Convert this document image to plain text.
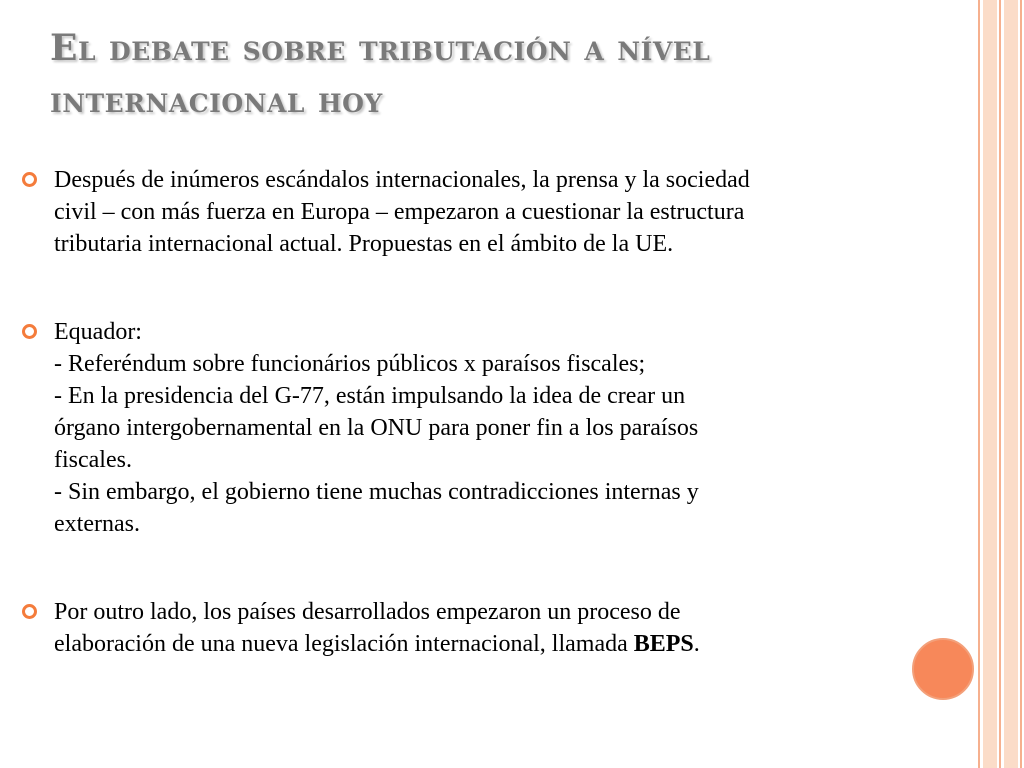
El debate sobre tributación a nível
internacional hoy
Después de inúmeros escándalos internacionales, la prensa y la sociedad
civil – con más fuerza en Europa – empezaron a cuestionar la estructura
tributaria internacional actual. Propuestas en el ámbito de la UE.
Equador:
- Referéndum sobre funcionários públicos x paraísos fiscales;
- En la presidencia del G-77, están impulsando la idea de crear un
órgano intergobernamental en la ONU para poner fin a los paraísos
fiscales.
- Sin embargo, el gobierno tiene muchas contradicciones internas y
externas.
Por outro lado, los países desarrollados empezaron un proceso de
elaboración de una nueva legislación internacional, llamada BEPS.
